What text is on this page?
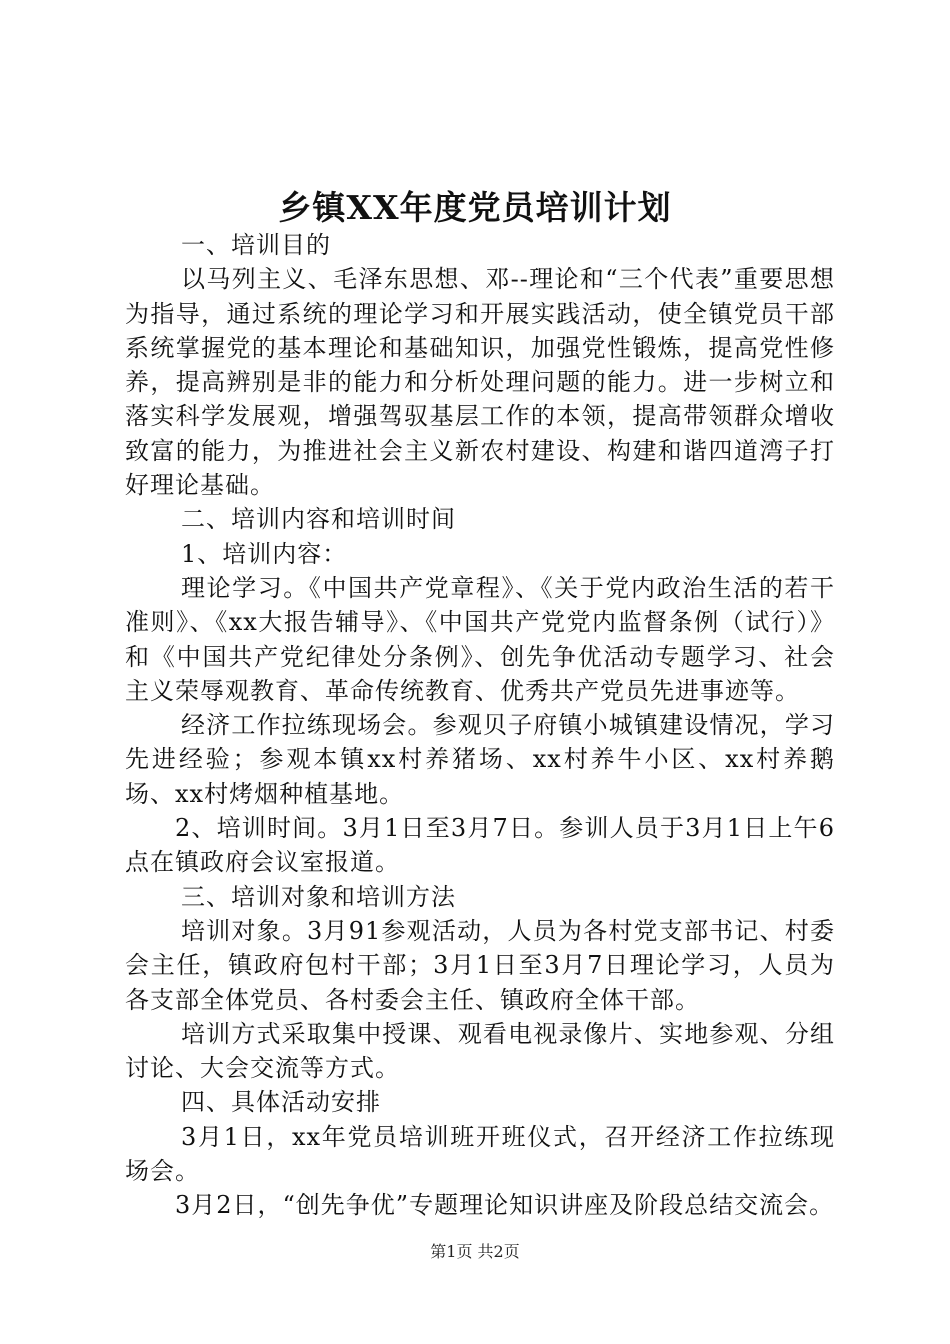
乡镇XX年度党员培训计划

一、培训目的

以马列主义、毛泽东思想、邓--理论和“三个代表”重要思想为指导，通过系统的理论学习和开展实践活动，使全镇党员干部系统掌握党的基本理论和基础知识，加强党性锻炼，提高党性修养，提高辨别是非的能力和分析处理问题的能力。进一步树立和落实科学发展观，增强驾驭基层工作的本领，提高带领群众增收致富的能力，为推进社会主义新农村建设、构建和谐四道湾子打好理论基础。

二、培训内容和培训时间

1、培训内容：

理论学习。《中国共产党章程》、《关于党内政治生活的若干准则》、《xx大报告辅导》、《中国共产党党内监督条例（试行）》和《中国共产党纪律处分条例》、创先争优活动专题学习、社会主义荣辱观教育、革命传统教育、优秀共产党员先进事迹等。

经济工作拉练现场会。参观贝子府镇小城镇建设情况，学习先进经验；参观本镇xx村养猪场、xx村养牛小区、xx村养鹅场、xx村烤烟种植基地。

2、培训时间。3月1日至3月7日。参训人员于3月1日上午6点在镇政府会议室报道。

三、培训对象和培训方法

培训对象。3月91参观活动，人员为各村党支部书记、村委会主任，镇政府包村干部；3月1日至3月7日理论学习，人员为各支部全体党员、各村委会主任、镇政府全体干部。

培训方式采取集中授课、观看电视录像片、实地参观、分组讨论、大会交流等方式。

四、具体活动安排

3月1日，xx年党员培训班开班仪式，召开经济工作拉练现场会。

3月2日，“创先争优”专题理论知识讲座及阶段总结交流会。

第1页 共2页
